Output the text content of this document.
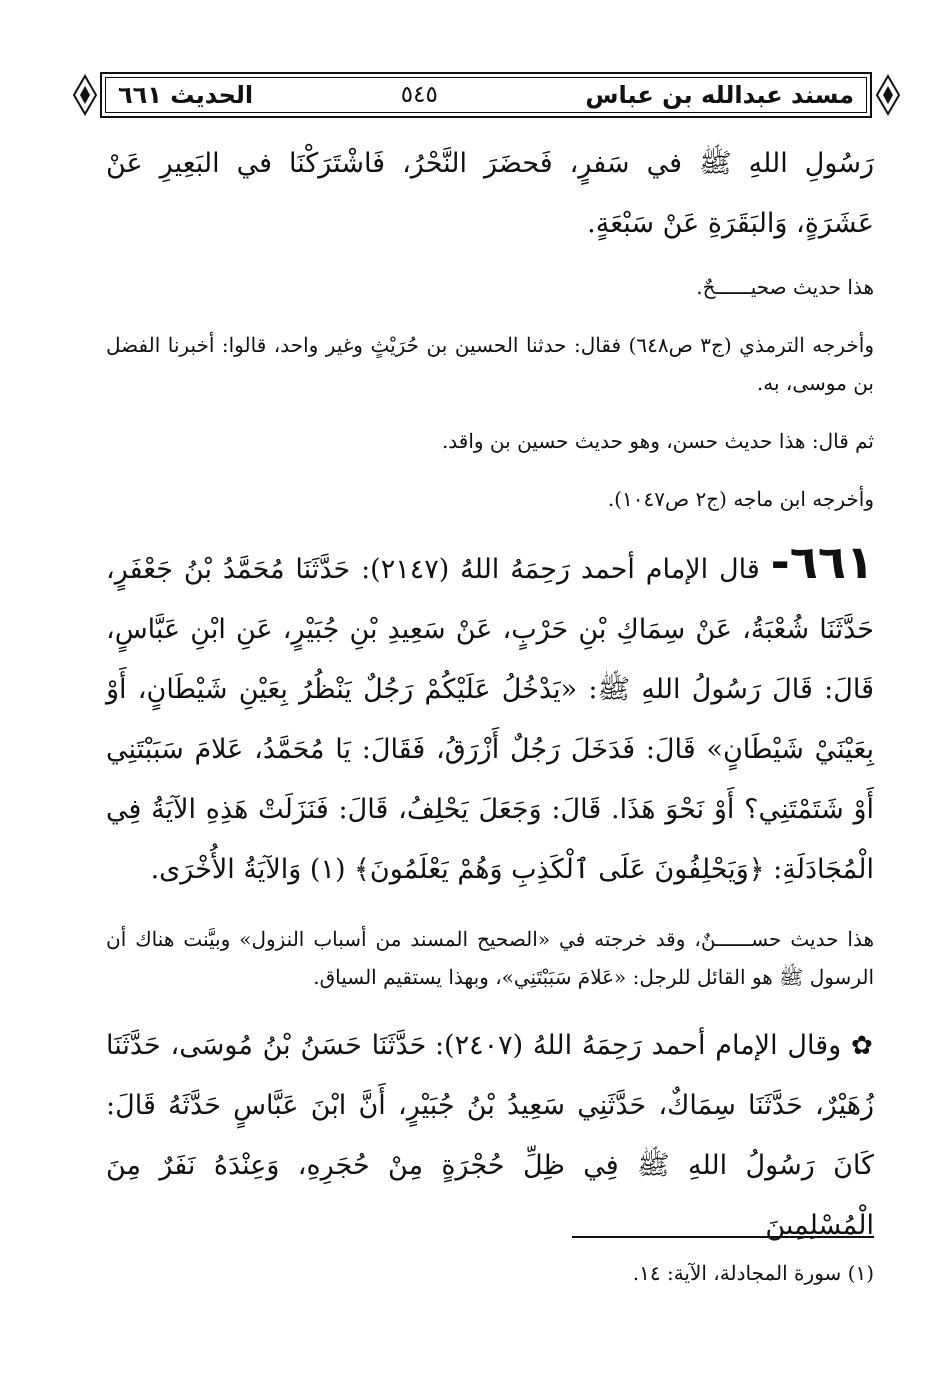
مسند عبدالله بن عباس
٥٤٥
الحديث ٦٦١

رَسُولِ اللهِ ﷺ في سَفرٍ، فَحضَرَ النَّحْرُ، فَاشْتَرَكْنَا في البَعِيرِ عَنْ عَشَرَةٍ، وَالبَقَرَةِ عَنْ سَبْعَةٍ.

هذا حديث صحيــــــحٌ.

وأخرجه الترمذي (ج٣ ص٦٤٨) فقال: حدثنا الحسين بن حُرَيْثٍ وغير واحد، قالوا: أخبرنا الفضل بن موسى، به.

ثم قال: هذا حديث حسن، وهو حديث حسين بن واقد.

وأخرجه ابن ماجه (ج٢ ص١٠٤٧).

٦٦١- قال الإمام أحمد رَحِمَهُ اللهُ (٢١٤٧): حَدَّثَنَا مُحَمَّدُ بْنُ جَعْفَرٍ، حَدَّثَنَا شُعْبَةُ، عَنْ سِمَاكِ بْنِ حَرْبٍ، عَنْ سَعِيدِ بْنِ جُبَيْرٍ، عَنِ ابْنِ عَبَّاسٍ، قَالَ: قَالَ رَسُولُ اللهِ ﷺ: «يَدْخُلُ عَلَيْكُمْ رَجُلٌ يَنْظُرُ بِعَيْنِ شَيْطَانٍ، أَوْ بِعَيْنَيْ شَيْطَانٍ» قَالَ: فَدَخَلَ رَجُلٌ أَزْرَقُ، فَقَالَ: يَا مُحَمَّدُ، عَلامَ سَبَبْتَنِي أَوْ شَتَمْتَنِي؟ أَوْ نَحْوَ هَذَا. قَالَ: وَجَعَلَ يَحْلِفُ، قَالَ: فَنَزَلَتْ هَذِهِ الآيَةُ فِي الْمُجَادَلَةِ: ﴿وَيَحْلِفُونَ عَلَى ٱلْكَذِبِ وَهُمْ يَعْلَمُونَ﴾ (١) وَالآيَةُ الأُخْرَى.

هذا حديث حســــــنٌ، وقد خرجته في «الصحيح المسند من أسباب النزول» وبيَّنت هناك أن الرسول ﷺ هو القائل للرجل: «عَلامَ سَبَبْتَنِي»، وبهذا يستقيم السياق.

✿ وقال الإمام أحمد رَحِمَهُ اللهُ (٢٤٠٧): حَدَّثَنَا حَسَنُ بْنُ مُوسَى، حَدَّثَنَا زُهَيْرٌ، حَدَّثَنَا سِمَاكٌ، حَدَّثَنِي سَعِيدُ بْنُ جُبَيْرٍ، أَنَّ ابْنَ عَبَّاسٍ حَدَّثَهُ قَالَ: كَانَ رَسُولُ اللهِ ﷺ فِي ظِلِّ حُجْرَةٍ مِنْ حُجَرِهِ، وَعِنْدَهُ نَفَرٌ مِنَ الْمُسْلِمِينَ

(١) سورة المجادلة، الآية: ١٤.
